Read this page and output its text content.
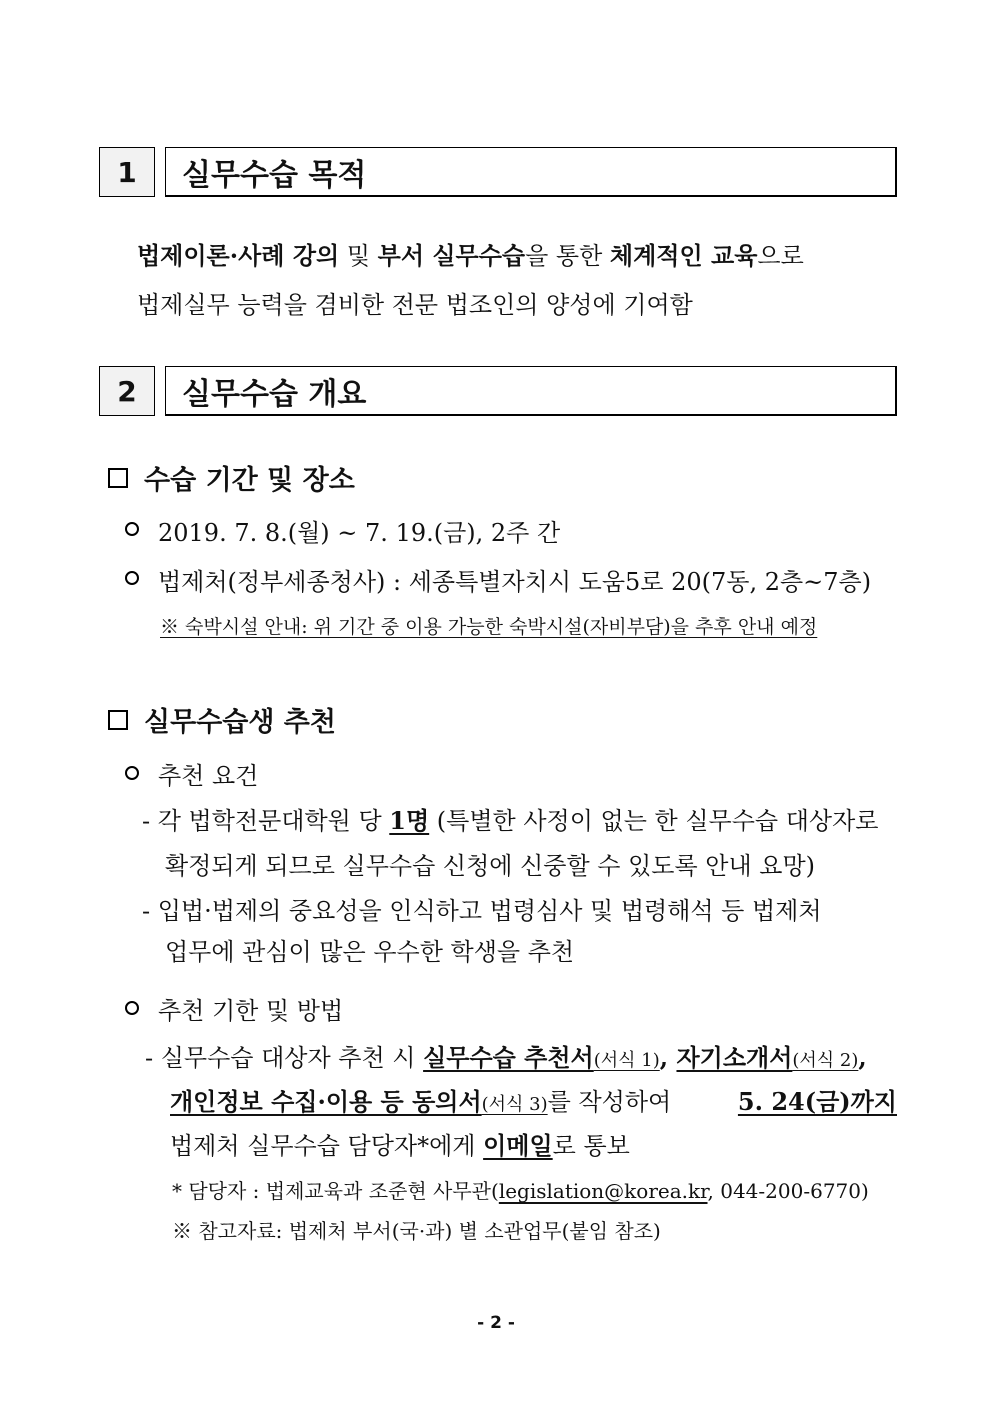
1	실무수습 목적
법제이론·사례 강의 및 부서 실무수습을 통한 체계적인 교육으로
법제실무 능력을 겸비한 전문 법조인의 양성에 기여함
2	실무수습 개요
수습 기간 및 장소
2019. 7. 8.(월) ~ 7. 19.(금), 2주 간
법제처(정부세종청사) : 세종특별자치시 도움5로 20(7동, 2층~7층)
※ 숙박시설 안내: 위 기간 중 이용 가능한 숙박시설(자비부담)을 추후 안내 예정
실무수습생 추천
추천 요건
- 각 법학전문대학원 당 1명 (특별한 사정이 없는 한 실무수습 대상자로
확정되게 되므로 실무수습 신청에 신중할 수 있도록 안내 요망)
- 입법·법제의 중요성을 인식하고 법령심사 및 법령해석 등 법제처
업무에 관심이 많은 우수한 학생을 추천
추천 기한 및 방법
- 실무수습 대상자 추천 시 실무수습 추천서(서식 1), 자기소개서(서식 2),
개인정보 수집·이용 등 동의서(서식 3)를 작성하여	5. 24(금)까지
법제처 실무수습 담당자*에게 이메일로 통보
* 담당자 : 법제교육과 조준현 사무관(legislation@korea.kr, 044-200-6770)
※ 참고자료: 법제처 부서(국·과) 별 소관업무(붙임 참조)
- 2 -
